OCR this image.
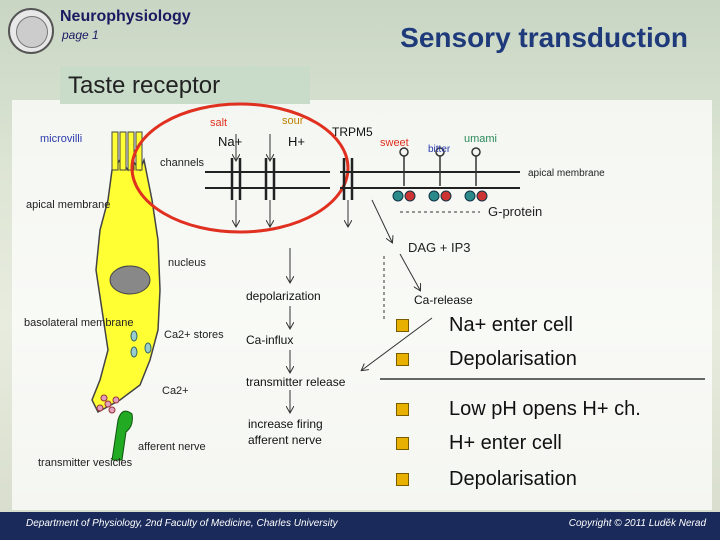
Neurophysiology
page 1	Sensory transduction
Taste receptor
microvilli
channels
apical membrane
nucleus
basolateral membrane
Ca2+ stores
Ca2+
afferent nerve
transmitter vesicles
salt	sour
Na+	H+
TRPM5
sweet
bitter
umami
apical membrane
G-protein
DAG + IP3
depolarization	Ca-release
Ca-influx
transmitter release
increase firing
afferent nerve
Na+ enter cell
Depolarisation
Low pH opens H+ ch.
H+ enter cell
Depolarisation
Department of Physiology, 2nd Faculty of Medicine, Charles University	Copyright © 2011 Luděk Nerad
